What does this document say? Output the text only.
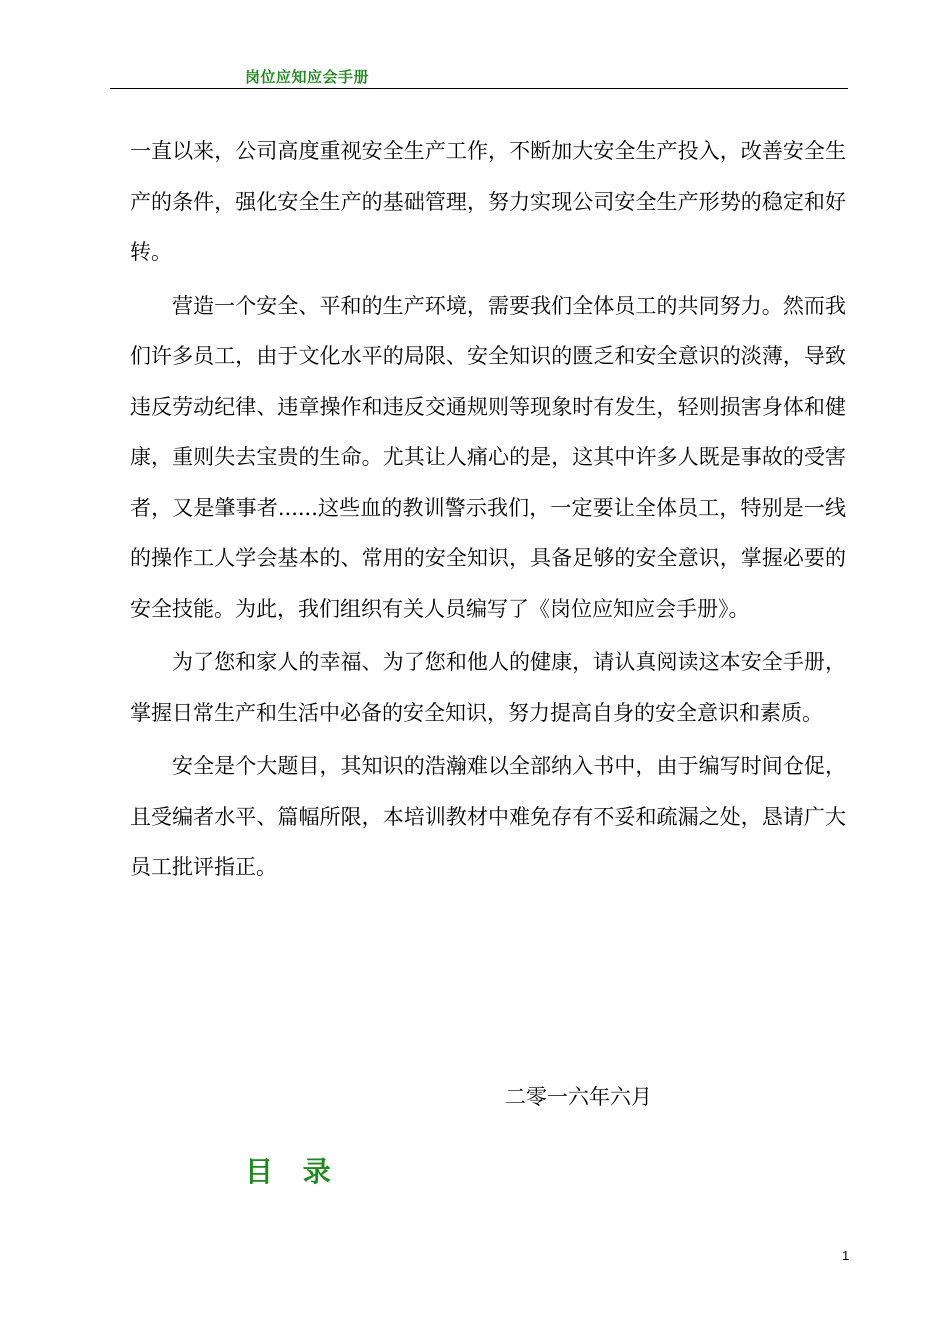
岗位应知应会手册

一直以来，公司高度重视安全生产工作，不断加大安全生产投入，改善安全生产的条件，强化安全生产的基础管理，努力实现公司安全生产形势的稳定和好转。

营造一个安全、平和的生产环境，需要我们全体员工的共同努力。然而我们许多员工，由于文化水平的局限、安全知识的匮乏和安全意识的淡薄，导致违反劳动纪律、违章操作和违反交通规则等现象时有发生，轻则损害身体和健康，重则失去宝贵的生命。尤其让人痛心的是，这其中许多人既是事故的受害者，又是肇事者......这些血的教训警示我们，一定要让全体员工，特别是一线的操作工人学会基本的、常用的安全知识，具备足够的安全意识，掌握必要的安全技能。为此，我们组织有关人员编写了《岗位应知应会手册》。

为了您和家人的幸福、为了您和他人的健康，请认真阅读这本安全手册，掌握日常生产和生活中必备的安全知识，努力提高自身的安全意识和素质。

安全是个大题目，其知识的浩瀚难以全部纳入书中，由于编写时间仓促，且受编者水平、篇幅所限，本培训教材中难免存有不妥和疏漏之处，恳请广大员工批评指正。

二零一六年六月
目 录
1
